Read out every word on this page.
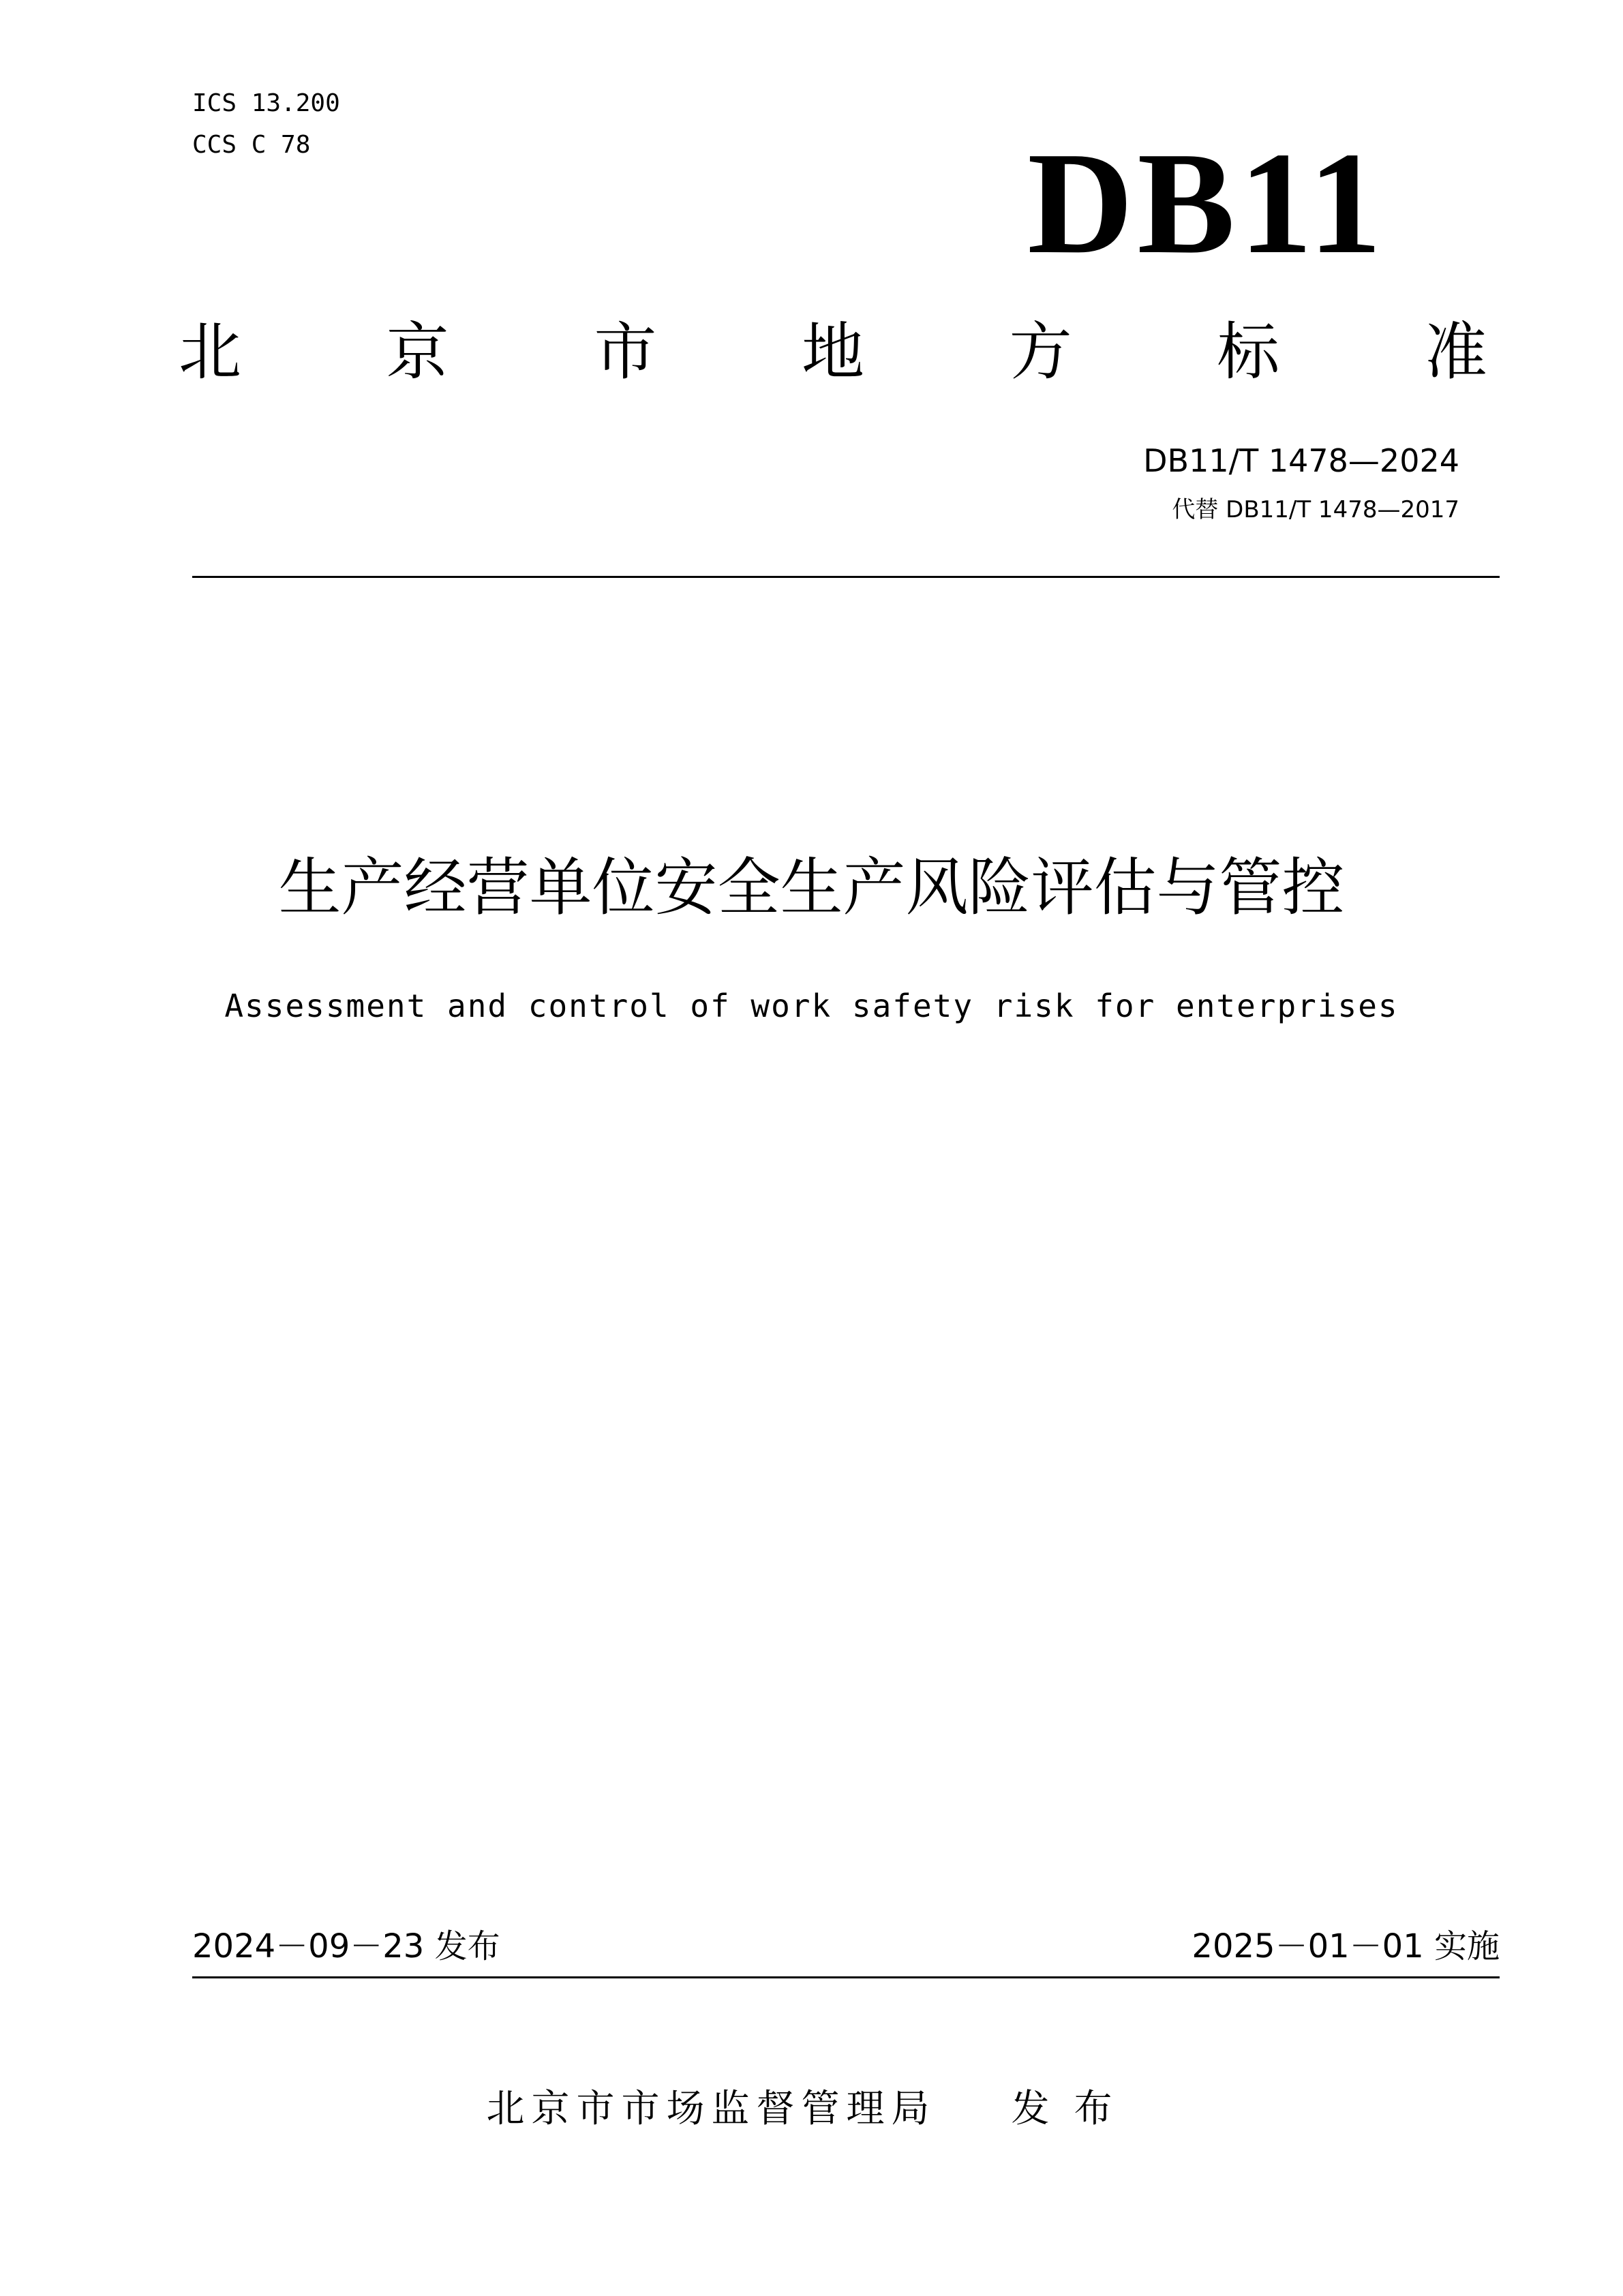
ICS 13.200
CCS C 78	DB11
北 京 市 地 方 标 准
DB11/T 1478—2024
代替 DB11/T 1478—2017
生产经营单位安全生产风险评估与管控
Assessment and control of work safety risk for enterprises
2024－09－23 发布	2025－01－01 实施
北京市市场监督管理局 发布
